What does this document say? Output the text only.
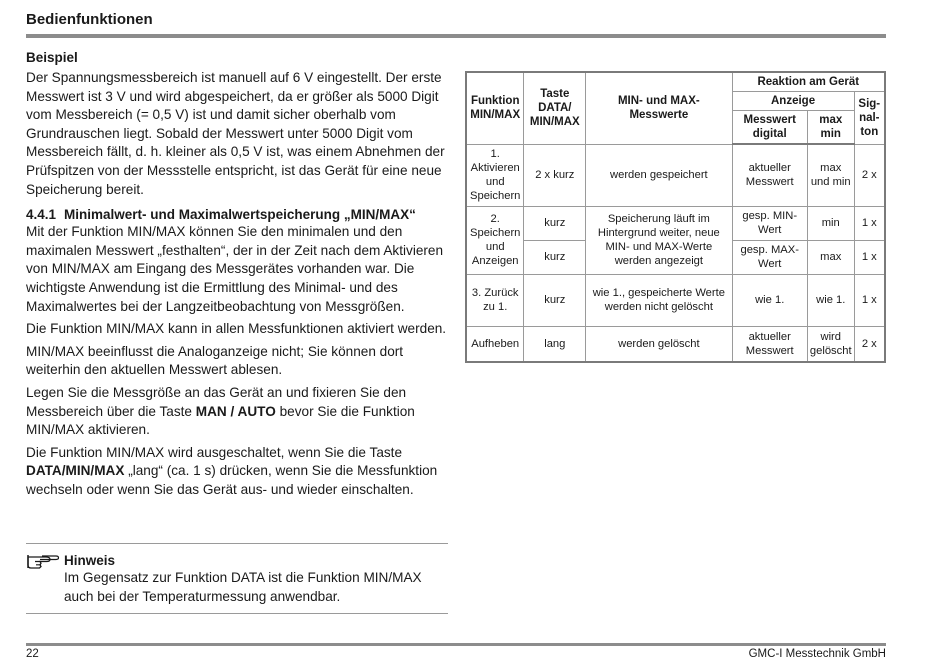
Bedienfunktionen
Beispiel

Der Spannungsmessbereich ist manuell auf 6 V eingestellt. Der erste Messwert ist 3 V und wird abgespeichert, da er größer als 5000 Digit vom Messbereich (= 0,5 V) ist und damit sicher oberhalb vom Grundrauschen liegt. Sobald der Messwert unter 5000 Digit vom Messbereich fällt, d. h. kleiner als 0,5 V ist, was einem Abnehmen der Prüfspitzen von der Messstelle entspricht, ist das Gerät für eine neue Speicherung bereit.

4.4.1 Minimalwert- und Maximalwertspeicherung „MIN/MAX“

Mit der Funktion MIN/MAX können Sie den minimalen und den maximalen Messwert „festhalten“, der in der Zeit nach dem Aktivieren von MIN/MAX am Eingang des Messgerätes vorhanden war. Die wichtigste Anwendung ist die Ermittlung des Minimal- und des Maximalwertes bei der Langzeitbeobachtung von Messgrößen.

Die Funktion MIN/MAX kann in allen Messfunktionen aktiviert werden.

MIN/MAX beeinflusst die Analoganzeige nicht; Sie können dort weiterhin den aktuellen Messwert ablesen.

Legen Sie die Messgröße an das Gerät an und fixieren Sie den Messbereich über die Taste MAN / AUTO bevor Sie die Funktion MIN/MAX aktivieren.

Die Funktion MIN/MAX wird ausgeschaltet, wenn Sie die Taste DATA/MIN/MAX „lang“ (ca. 1 s) drücken, wenn Sie die Messfunktion wechseln oder wenn Sie das Gerät aus- und wieder einschalten.

Hinweis
Im Gegensatz zur Funktion DATA ist die Funktion MIN/MAX auch bei der Temperaturmessung anwendbar.
Funktion MIN/MAX	Taste DATA/ MIN/MAX	MIN- und MAX- Messwerte	Reaktion am Gerät		
			Anzeige		Sig- nal- ton
			Messwert digital	max min	
1. Aktivieren und Speichern	2 x kurz	werden gespeichert	aktueller Messwert	max und min	2 x
2. Speichern und Anzeigen	kurz	Speicherung läuft im Hintergrund weiter, neue MIN- und MAX-Werte werden angezeigt	gesp. MIN-Wert	min	1 x
	kurz		gesp. MAX-Wert	max	1 x
3. Zurück zu 1.	kurz	wie 1., gespeicherte Werte werden nicht gelöscht	wie 1.	wie 1.	1 x
Aufheben	lang	werden gelöscht	aktueller Messwert	wird gelöscht	2 x
22	GMC-I Messtechnik GmbH
